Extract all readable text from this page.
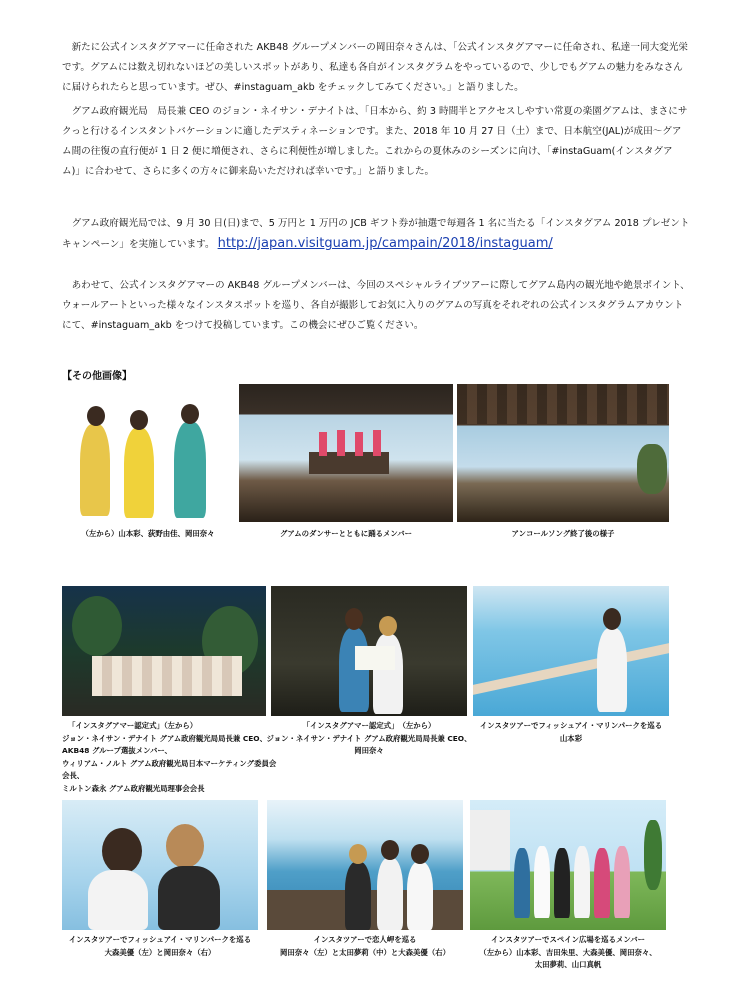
新たに公式インスタグアマーに任命された AKB48 グループメンバーの岡田奈々さんは、「公式インスタグアマーに任命され、私達一同大変光栄です。グアムには数え切れないほどの美しいスポットがあり、私達も各自がインスタグラムをやっているので、少しでもグアムの魅力をみなさんに届けられたらと思っています。ぜひ、#instaguam_akb をチェックしてみてください。」と語りました。

グアム政府観光局　局長兼 CEO のジョン・ネイサン・デナイトは、「日本から、約 3 時間半とアクセスしやすい常夏の楽園グアムは、まさにサクっと行けるインスタントバケーションに適したデスティネーションです。また、2018 年 10 月 27 日（土）まで、日本航空(JAL)が成田〜グアム間の往復の直行便が 1 日 2 便に増便され、さらに利便性が増しました。これからの夏休みのシーズンに向け、「#instaGuam(インスタグアム)」に合わせて、さらに多くの方々に御来島いただければ幸いです。」と語りました。

グアム政府観光局では、9 月 30 日(日)まで、5 万円と 1 万円の JCB ギフト券が抽選で毎週各 1 名に当たる「インスタグアム 2018 プレゼントキャンペーン」を実施しています。 http://japan.visitguam.jp/campain/2018/instaguam/

あわせて、公式インスタグアマーの AKB48 グループメンバーは、今回のスペシャルライブツアーに際してグアム島内の観光地や絶景ポイント、ウォールアートといった様々なインスタスポットを巡り、各自が撮影してお気に入りのグアムの写真をそれぞれの公式インスタグラムアカウントにて、#instaguam_akb をつけて投稿しています。この機会にぜひご覧ください。

【その他画像】
（左から）山本彩、荻野由佳、岡田奈々	グアムのダンサーとともに踊るメンバー	アンコールソング終了後の様子
「インスタグアマー認定式」（左から）
ジョン・ネイサン・デナイト グアム政府観光局局長兼 CEO、
AKB48 グループ選抜メンバー、
ウィリアム・ノルト グアム政府観光局日本マーケティング委員会会長、
ミルトン森永 グアム政府観光局理事会会長
「インスタグアマー認定式」　（左から）
ジョン・ネイサン・デナイト グアム政府観光局局長兼 CEO、
岡田奈々
インスタツアーでフィッシュアイ・マリンパークを巡る
山本彩
インスタツアーでフィッシュアイ・マリンパークを巡る
大森美優（左）と岡田奈々（右）
インスタツアーで恋人岬を巡る
岡田奈々（左）と太田夢莉（中）と大森美優（右）
インスタツアーでスペイン広場を巡るメンバー
（左から）山本彩、吉田朱里、大森美優、岡田奈々、
太田夢莉、山口真帆
